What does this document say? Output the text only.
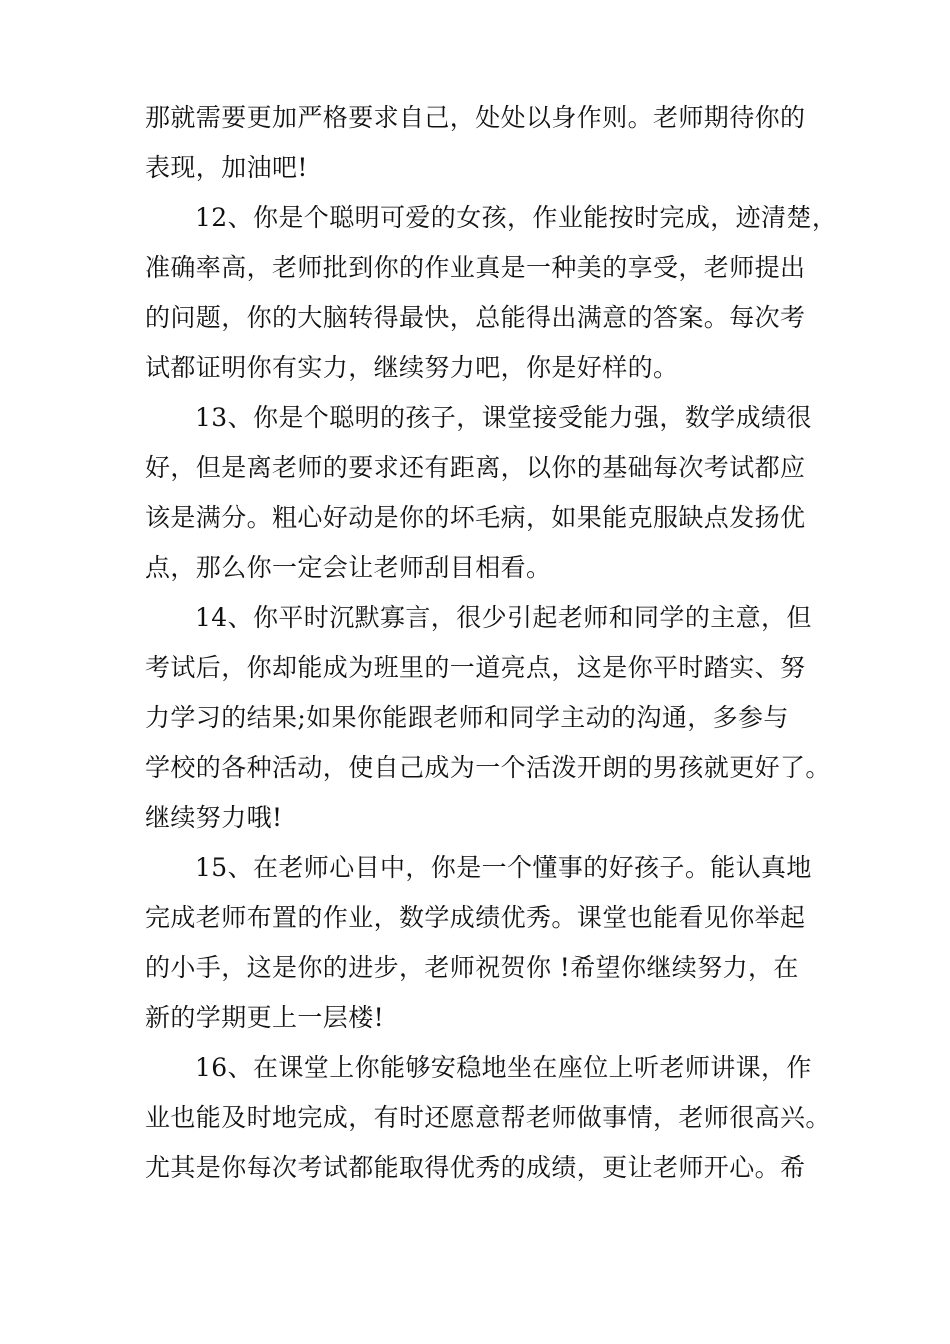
那就需要更加严格要求自己，处处以身作则。老师期待你的
表现，加油吧!
12、你是个聪明可爱的女孩，作业能按时完成，迹清楚，
准确率高，老师批到你的作业真是一种美的享受，老师提出
的问题，你的大脑转得最快，总能得出满意的答案。每次考
试都证明你有实力，继续努力吧，你是好样的。
13、你是个聪明的孩子，课堂接受能力强，数学成绩很
好，但是离老师的要求还有距离，以你的基础每次考试都应
该是满分。粗心好动是你的坏毛病，如果能克服缺点发扬优
点，那么你一定会让老师刮目相看。
14、你平时沉默寡言，很少引起老师和同学的主意，但
考试后，你却能成为班里的一道亮点，这是你平时踏实、努
力学习的结果;如果你能跟老师和同学主动的沟通，多参与
学校的各种活动，使自己成为一个活泼开朗的男孩就更好了。
继续努力哦!
15、在老师心目中，你是一个懂事的好孩子。能认真地
完成老师布置的作业，数学成绩优秀。课堂也能看见你举起
的小手，这是你的进步，老师祝贺你 !希望你继续努力，在
新的学期更上一层楼!
16、在课堂上你能够安稳地坐在座位上听老师讲课，作
业也能及时地完成，有时还愿意帮老师做事情，老师很高兴。
尤其是你每次考试都能取得优秀的成绩，更让老师开心。希
